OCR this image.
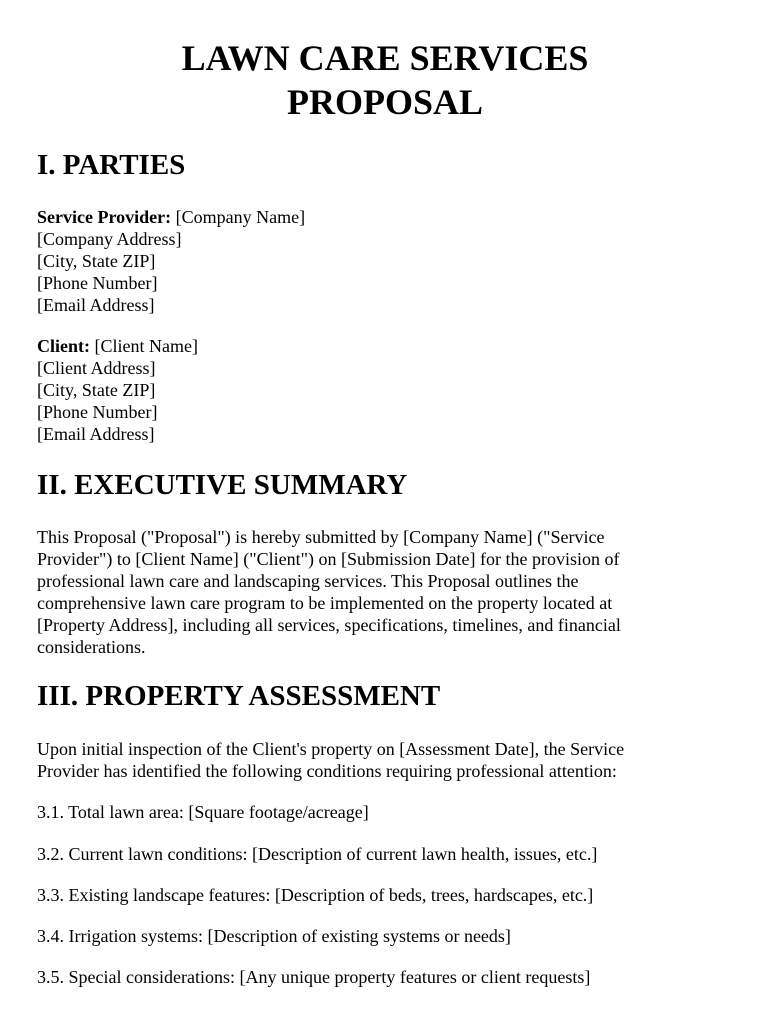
LAWN CARE SERVICES
PROPOSAL
I. PARTIES
Service Provider: [Company Name]
[Company Address]
[City, State ZIP]
[Phone Number]
[Email Address]
Client: [Client Name]
[Client Address]
[City, State ZIP]
[Phone Number]
[Email Address]
II. EXECUTIVE SUMMARY

This Proposal ("Proposal") is hereby submitted by [Company Name] ("Service
Provider") to [Client Name] ("Client") on [Submission Date] for the provision of
professional lawn care and landscaping services. This Proposal outlines the
comprehensive lawn care program to be implemented on the property located at
[Property Address], including all services, specifications, timelines, and financial
considerations.

III. PROPERTY ASSESSMENT

Upon initial inspection of the Client's property on [Assessment Date], the Service
Provider has identified the following conditions requiring professional attention:

3.1. Total lawn area: [Square footage/acreage]

3.2. Current lawn conditions: [Description of current lawn health, issues, etc.]

3.3. Existing landscape features: [Description of beds, trees, hardscapes, etc.]

3.4. Irrigation systems: [Description of existing systems or needs]

3.5. Special considerations: [Any unique property features or client requests]
